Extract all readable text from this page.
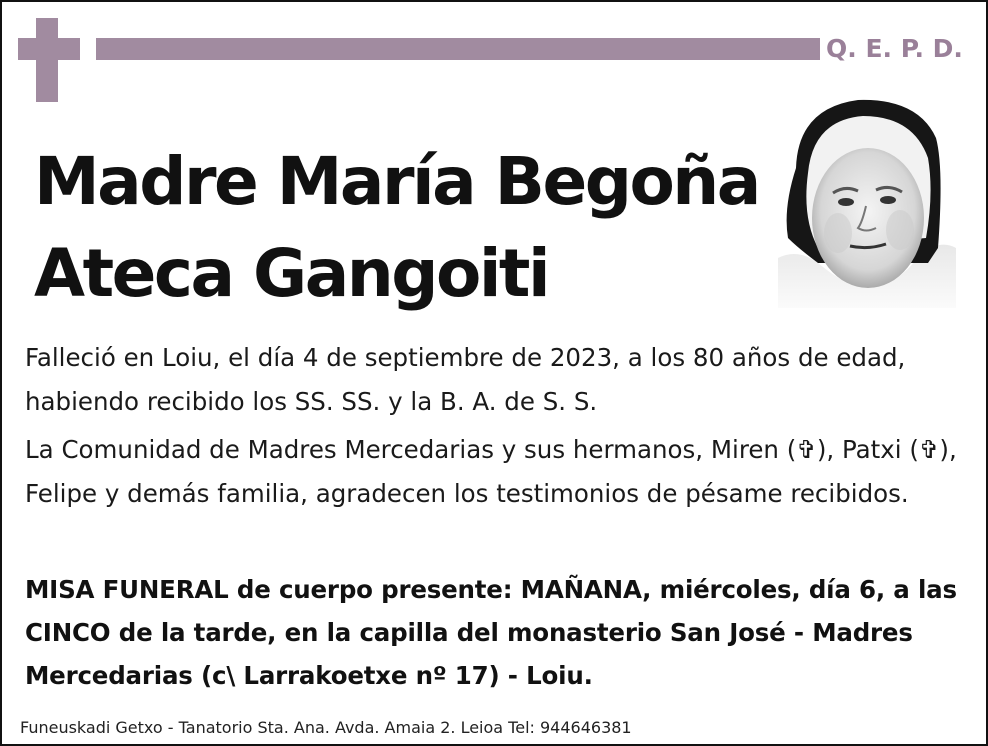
Q. E. P. D.
Madre María Begoña
Ateca Gangoiti
Falleció en Loiu, el día 4 de septiembre de 2023, a los 80 años de edad, habiendo recibido los SS. SS. y la B. A. de S. S.
La Comunidad de Madres Mercedarias y sus hermanos, Miren (✞), Patxi (✞), Felipe y demás familia, agradecen los testimonios de pésame recibidos.
MISA FUNERAL de cuerpo presente: MAÑANA, miércoles, día 6, a las CINCO de la tarde, en la capilla del monasterio San José - Madres Mercedarias (c\ Larrakoetxe nº 17) - Loiu.
Funeuskadi Getxo - Tanatorio Sta. Ana. Avda. Amaia 2. Leioa Tel: 944646381
